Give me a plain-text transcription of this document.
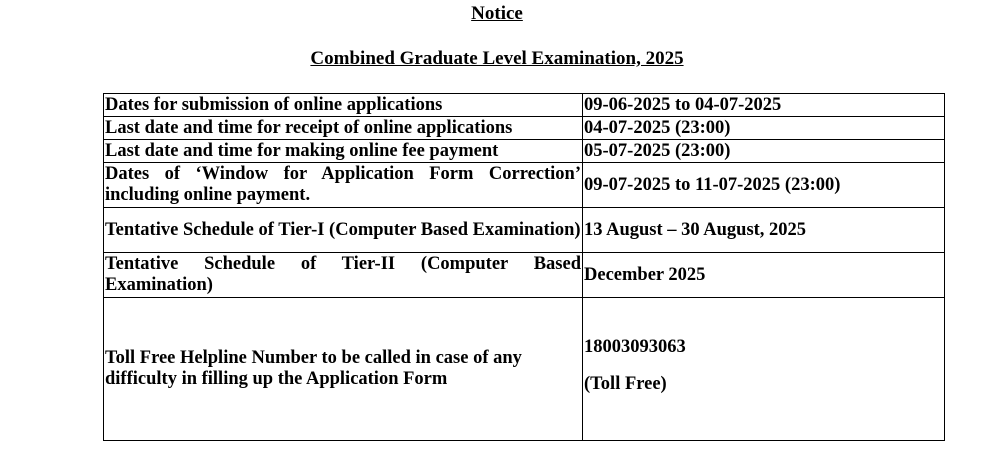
Notice
Combined Graduate Level Examination, 2025
Dates for submission of online applications	09-06-2025 to 04-07-2025
Last date and time for receipt of online applications	04-07-2025 (23:00)
Last date and time for making online fee payment	05-07-2025 (23:00)
Dates of ‘Window for Application Form Correction’ including online payment.	09-07-2025 to 11-07-2025 (23:00)
Tentative Schedule of Tier-I (Computer Based Examination)	13 August – 30 August, 2025
Tentative Schedule of Tier-II (Computer Based Examination)	December 2025
Toll Free Helpline Number to be called in case of any difficulty in filling up the Application Form	18003093063
(Toll Free)
